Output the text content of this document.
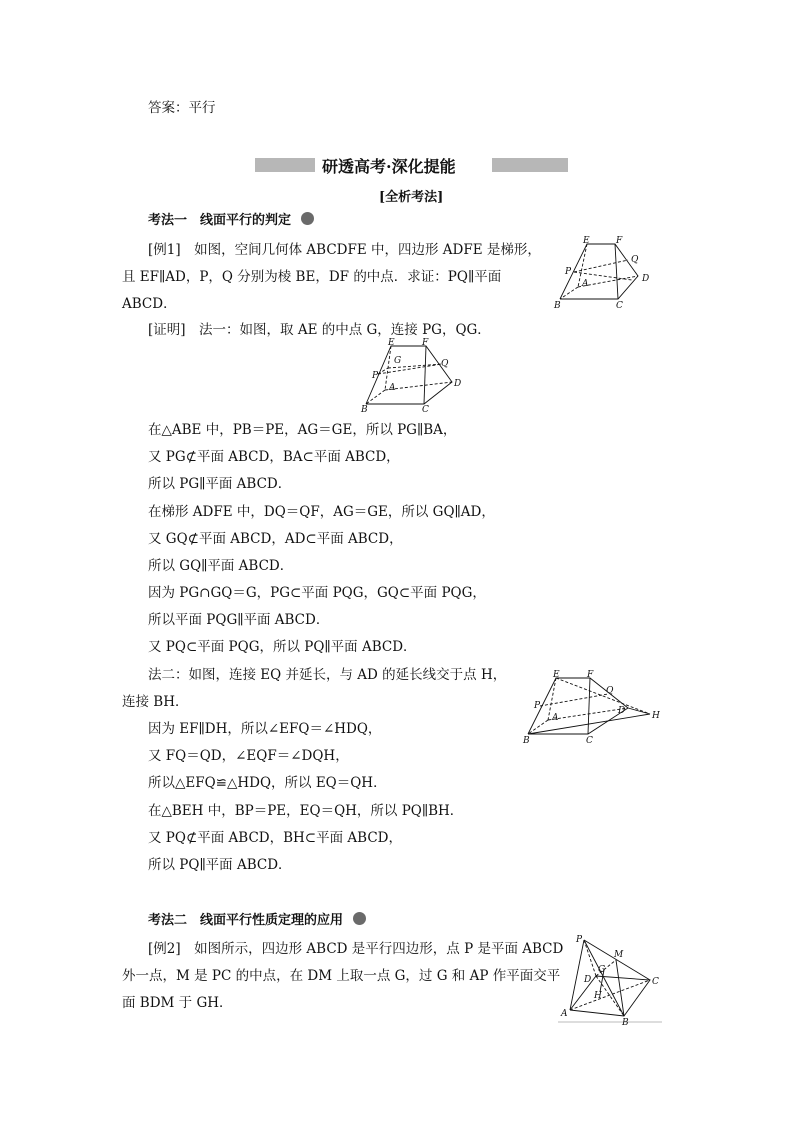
答案：平行
研透高考·深化提能
[全析考法]
考法一　线面平行的判定
[例1]　如图，空间几何体 ABCDFE 中，四边形 ADFE 是梯形，
且 EF∥AD，P，Q 分别为棱 BE，DF 的中点．求证：PQ∥平面
ABCD．
E	F
P
Q
A	D
B	C
[证明]　法一：如图，取 AE 的中点 G，连接 PG，QG．
E	F
G	Q
P
A	D
B	C
在△ABE 中，PB＝PE，AG＝GE，所以 PG∥BA，
又 PG⊄平面 ABCD，BA⊂平面 ABCD，
所以 PG∥平面 ABCD．
在梯形 ADFE 中，DQ＝QF，AG＝GE，所以 GQ∥AD，
又 GQ⊄平面 ABCD，AD⊂平面 ABCD，
所以 GQ∥平面 ABCD．
因为 PG∩GQ＝G，PG⊂平面 PQG，GQ⊂平面 PQG，
所以平面 PQG∥平面 ABCD．
又 PQ⊂平面 PQG，所以 PQ∥平面 ABCD．
法二：如图，连接 EQ 并延长，与 AD 的延长线交于点 H，
连接 BH．
E	F
Q
P
A
D	H
B	C
因为 EF∥DH，所以∠EFQ＝∠HDQ，
又 FQ＝QD，∠EQF＝∠DQH，
所以△EFQ≌△HDQ，所以 EQ＝QH．
在△BEH 中，BP＝PE，EQ＝QH，所以 PQ∥BH．
又 PQ⊄平面 ABCD，BH⊂平面 ABCD，
所以 PQ∥平面 ABCD．
考法二　线面平行性质定理的应用
[例2]　如图所示，四边形 ABCD 是平行四边形，点 P 是平面 ABCD
外一点，M 是 PC 的中点，在 DM 上取一点 G，过 G 和 AP 作平面交平
面 BDM 于 GH．
P
M
G
D
H
C
A
B
